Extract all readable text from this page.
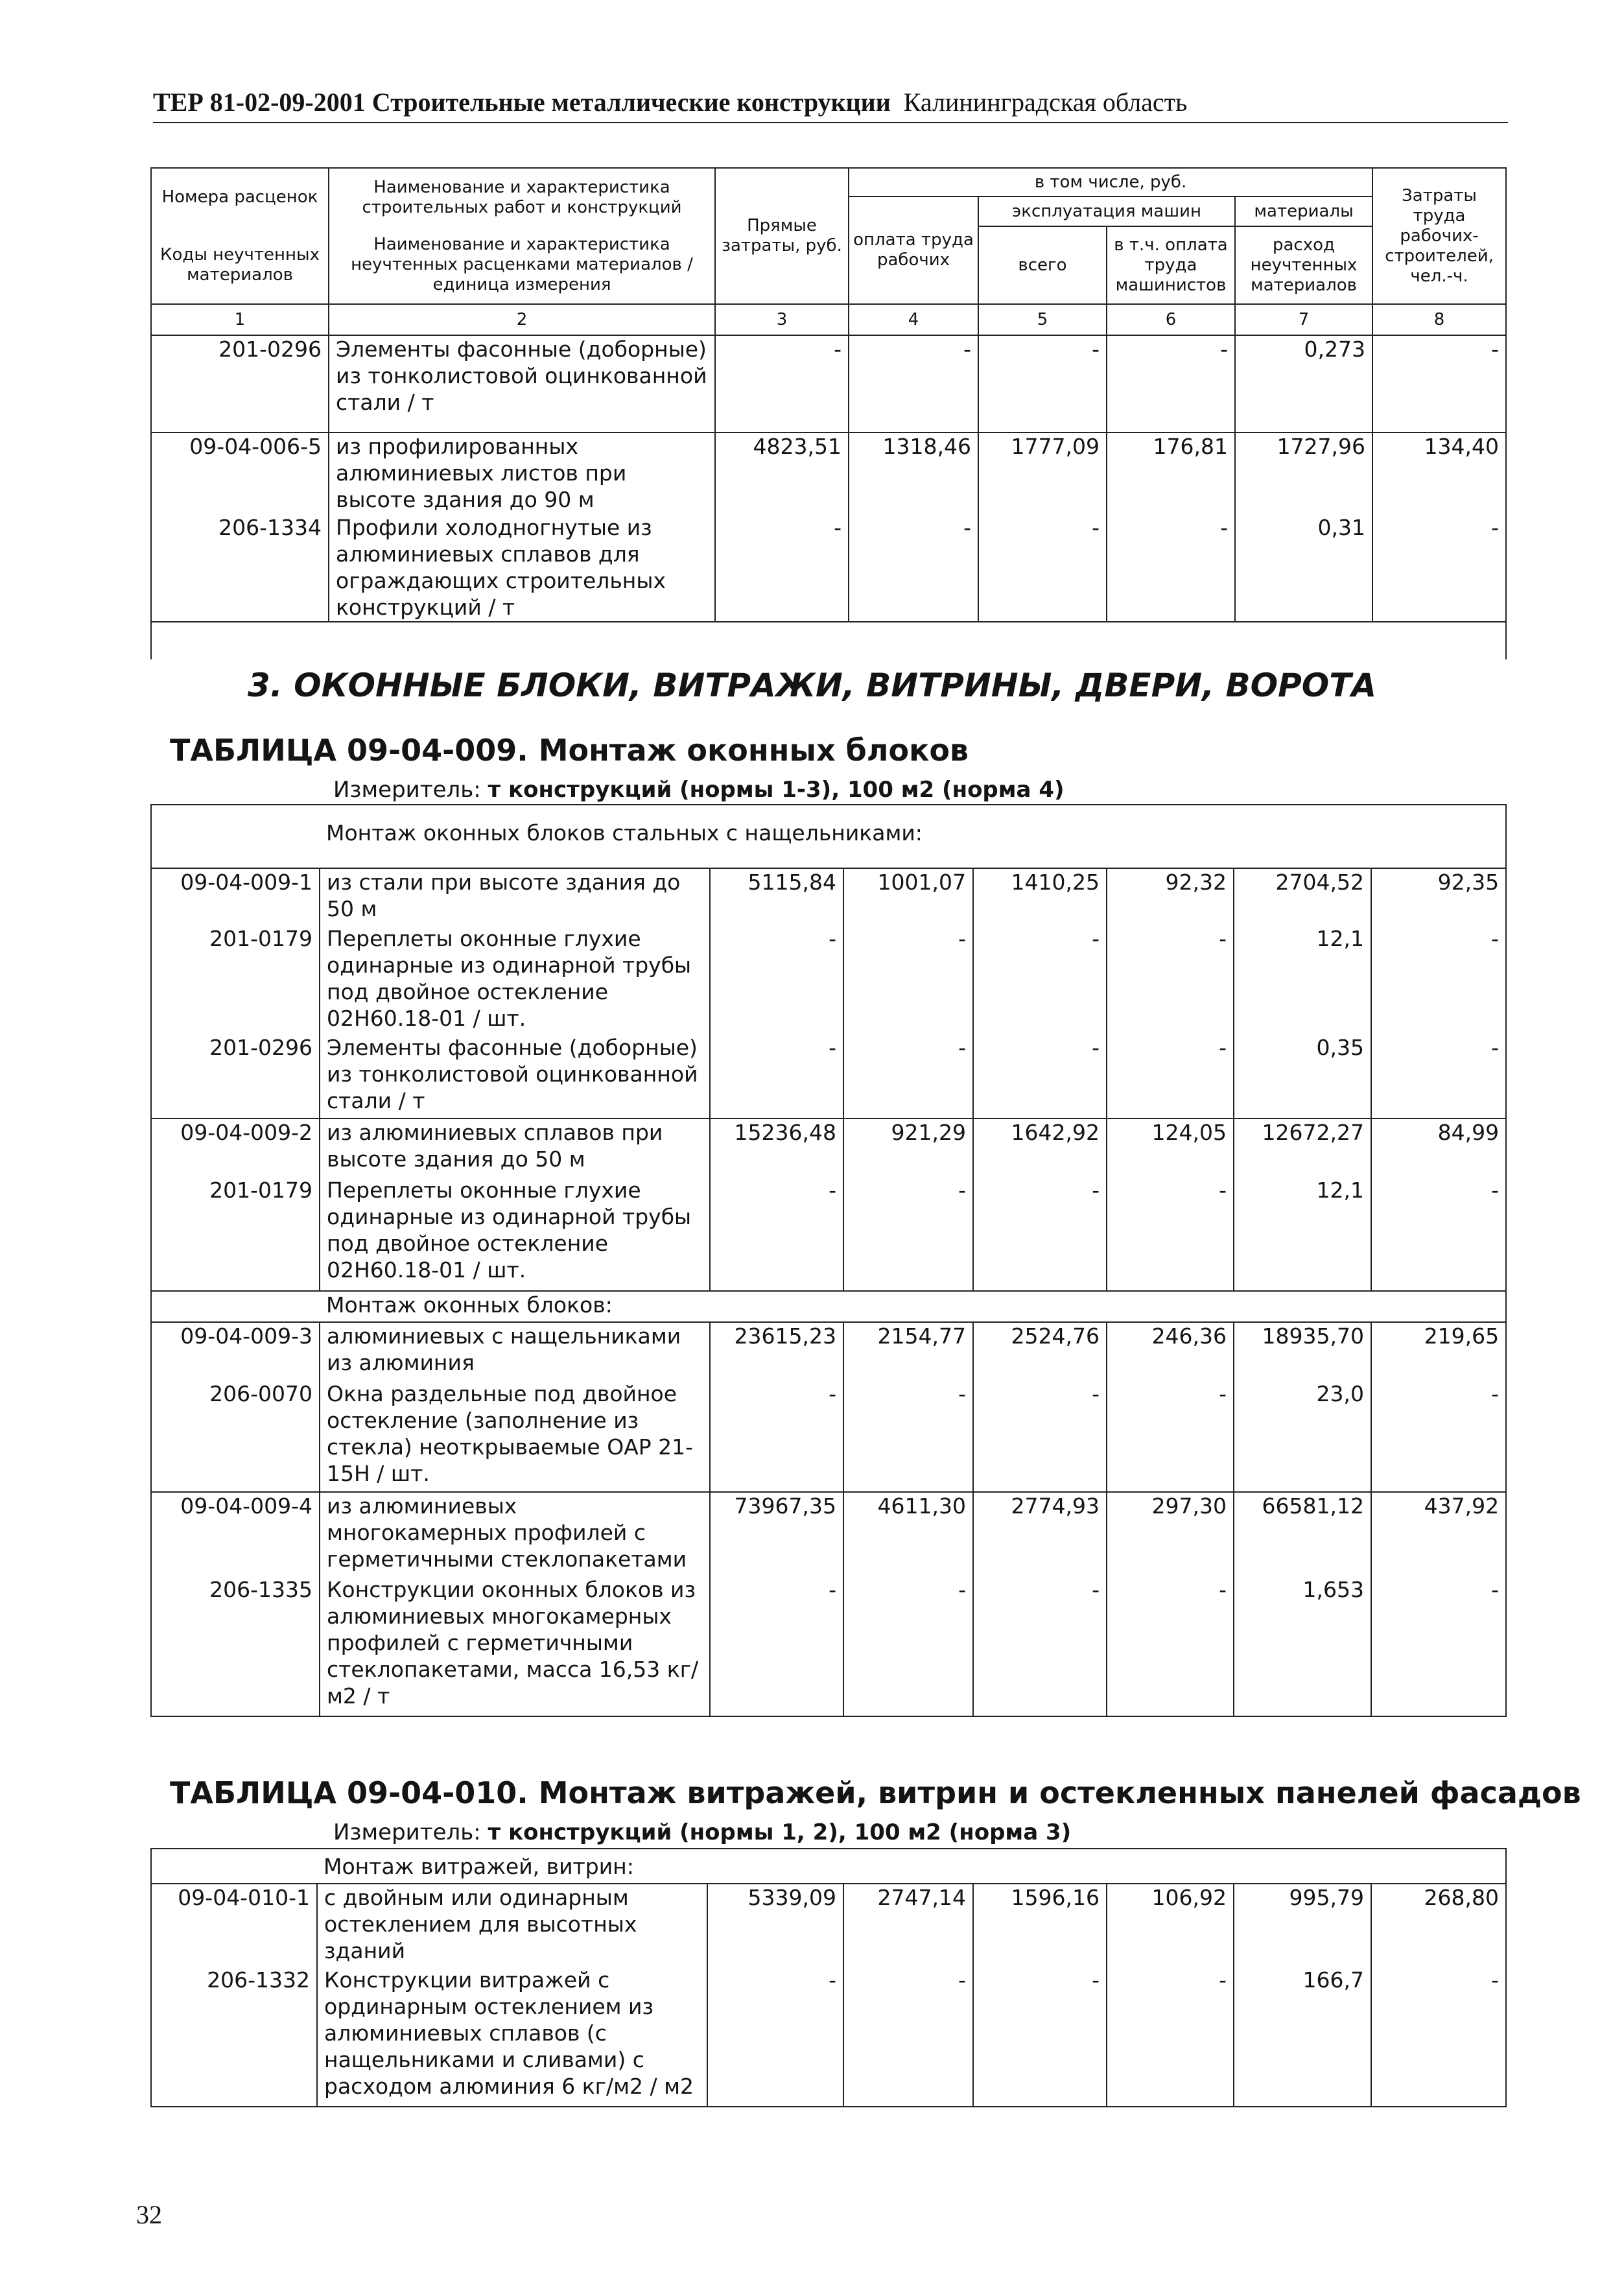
ТЕР 81-02-09-2001 Строительные металлические конструкции Калининградская область
Номера расценок	Наименование и характеристика строительных работ и конструкций	Прямые затраты, руб.	в том числе, руб.				Затраты труда рабочих-строителей, чел.-ч.
			оплата труда рабочих	эксплуатация машин		материалы	
Коды неучтенных материалов	Наименование и характеристика неучтенных расценками материалов / единица измерения			всего	в т.ч. оплата труда машинистов	расход неучтенных материалов	

1	2	3	4	5	6	7	8
201-0296	Элементы фасонные (доборные) из тонколистовой оцинкованной стали / т	-	-	-	-	0,273	-
09-04-006-5	из профилированных алюминиевых листов при высоте здания до 90 м	4823,51	1318,46	1777,09	176,81	1727,96	134,40
206-1334	Профили холодногнутые из алюминиевых сплавов для ограждающих строительных конструкций / т	-	-	-	-	0,31	-

3. ОКОННЫЕ БЛОКИ, ВИТРАЖИ, ВИТРИНЫ, ДВЕРИ, ВОРОТА
ТАБЛИЦА 09-04-009. Монтаж оконных блоков
Измеритель: т конструкций (нормы 1-3), 100 м2 (норма 4)
	Монтаж оконных блоков стальных с нащельниками:						
09-04-009-1	из стали при высоте здания до 50 м	5115,84	1001,07	1410,25	92,32	2704,52	92,35
201-0179	Переплеты оконные глухие одинарные из одинарной трубы под двойное остекление 02Н60.18-01 / шт.	-	-	-	-	12,1	-
201-0296	Элементы фасонные (доборные) из тонколистовой оцинкованной стали / т	-	-	-	-	0,35	-
09-04-009-2	из алюминиевых сплавов при высоте здания до 50 м	15236,48	921,29	1642,92	124,05	12672,27	84,99
201-0179	Переплеты оконные глухие одинарные из одинарной трубы под двойное остекление 02Н60.18-01 / шт.	-	-	-	-	12,1	-
	Монтаж оконных блоков:						
09-04-009-3	алюминиевых с нащельниками из алюминия	23615,23	2154,77	2524,76	246,36	18935,70	219,65
206-0070	Окна раздельные под двойное остекление (заполнение из стекла) неоткрываемые ОАР 21-15Н / шт.	-	-	-	-	23,0	-
09-04-009-4	из алюминиевых многокамерных профилей с герметичными стеклопакетами	73967,35	4611,30	2774,93	297,30	66581,12	437,92
206-1335	Конструкции оконных блоков из алюминиевых многокамерных профилей с герметичными стеклопакетами, масса 16,53 кг/м2 / т	-	-	-	-	1,653	-
ТАБЛИЦА 09-04-010. Монтаж витражей, витрин и остекленных панелей фасадов
Измеритель: т конструкций (нормы 1, 2), 100 м2 (норма 3)
	Монтаж витражей, витрин:						
09-04-010-1	с двойным или одинарным остеклением для высотных зданий	5339,09	2747,14	1596,16	106,92	995,79	268,80
206-1332	Конструкции витражей с ординарным остеклением из алюминиевых сплавов (с нащельниками и сливами) с расходом алюминия 6 кг/м2 / м2	-	-	-	-	166,7	-
32
